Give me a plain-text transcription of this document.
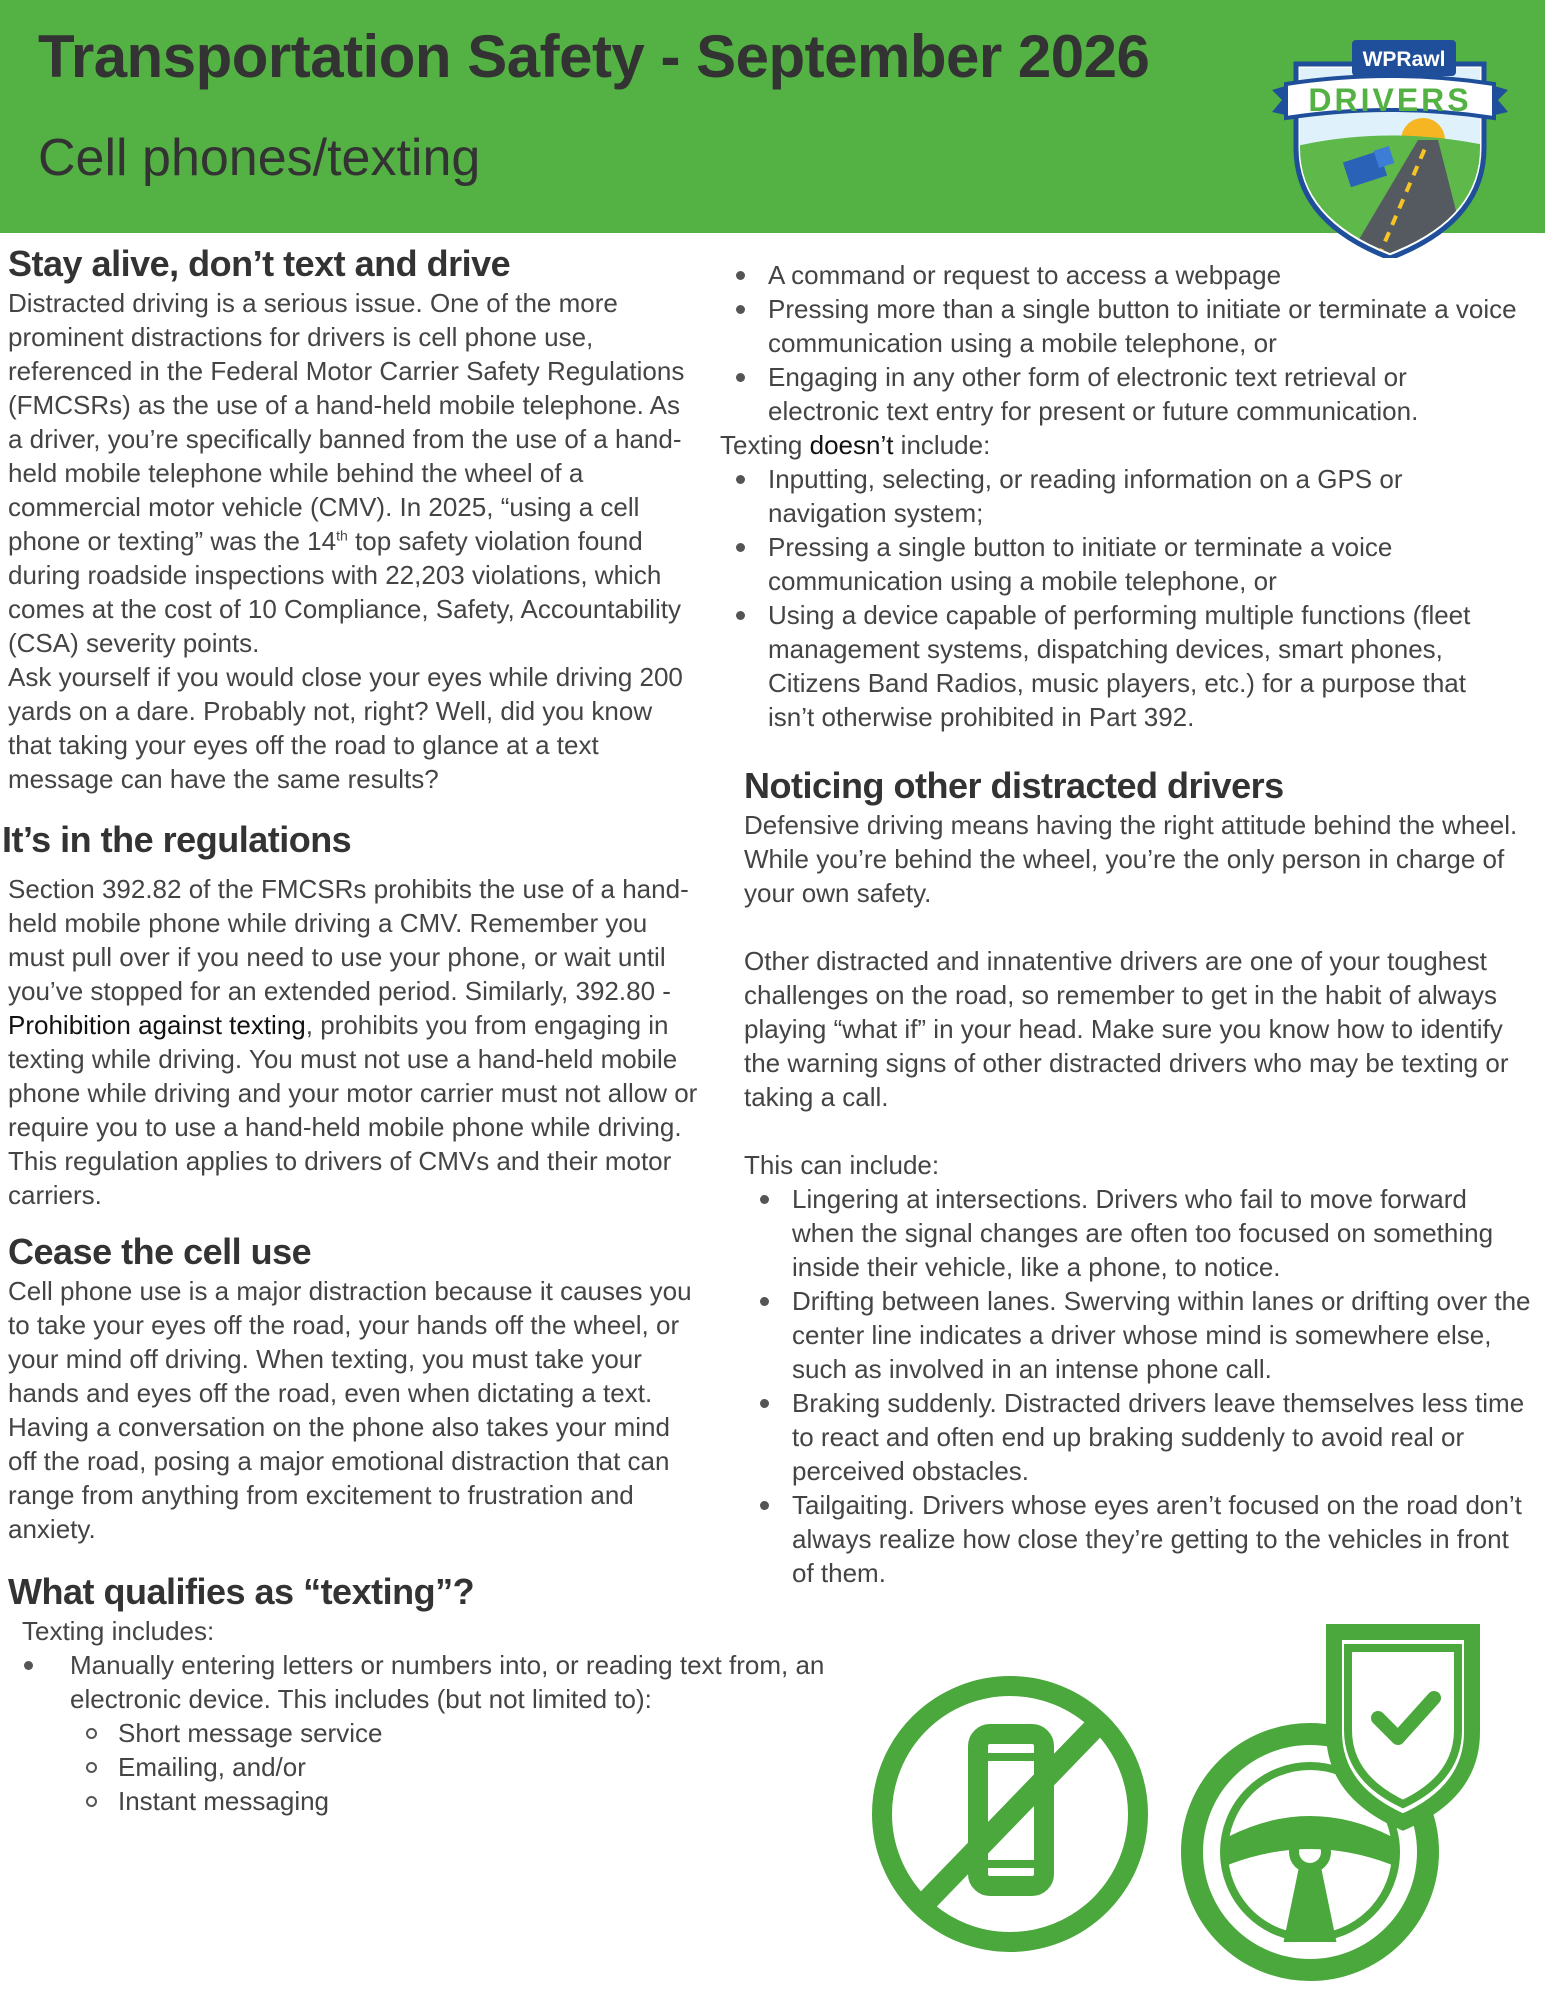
Transportation Safety - September 2026
Cell phones/texting
WPRawl
DRIVERS
Stay alive, don’t text and drive

Distracted driving is a serious issue. One of the more prominent distractions for drivers is cell phone use, referenced in the Federal Motor Carrier Safety Regulations (FMCSRs) as the use of a hand-held mobile telephone. As a driver, you’re specifically banned from the use of a hand-held mobile telephone while behind the wheel of a commercial motor vehicle (CMV). In 2025, “using a cell phone or texting” was the 14th top safety violation found during roadside inspections with 22,203 violations, which comes at the cost of 10 Compliance, Safety, Accountability (CSA) severity points.

Ask yourself if you would close your eyes while driving 200 yards on a dare. Probably not, right? Well, did you know that taking your eyes off the road to glance at a text message can have the same results?

It’s in the regulations

Section 392.82 of the FMCSRs prohibits the use of a hand-held mobile phone while driving a CMV. Remember you must pull over if you need to use your phone, or wait until you’ve stopped for an extended period. Similarly, 392.80 - Prohibition against texting, prohibits you from engaging in texting while driving. You must not use a hand-held mobile phone while driving and your motor carrier must not allow or require you to use a hand-held mobile phone while driving. This regulation applies to drivers of CMVs and their motor carriers.

Cease the cell use

Cell phone use is a major distraction because it causes you to take your eyes off the road, your hands off the wheel, or your mind off driving. When texting, you must take your hands and eyes off the road, even when dictating a text. Having a conversation on the phone also takes your mind off the road, posing a major emotional distraction that can range from anything from excitement to frustration and anxiety.

What qualifies as “texting”?

Texting includes:

Manually entering letters or numbers into, or reading text from, an electronic device. This includes (but not limited to):
Short message service
Emailing, and/or
Instant messaging
A command or request to access a webpage
Pressing more than a single button to initiate or terminate a voice communication using a mobile telephone, or
Engaging in any other form of electronic text retrieval or electronic text entry for present or future communication.

Texting doesn’t include:

Inputting, selecting, or reading information on a GPS or navigation system;
Pressing a single button to initiate or terminate a voice communication using a mobile telephone, or
Using a device capable of performing multiple functions (fleet management systems, dispatching devices, smart phones, Citizens Band Radios, music players, etc.) for a purpose that isn’t otherwise prohibited in Part 392.
Noticing other distracted drivers

Defensive driving means having the right attitude behind the wheel. While you’re behind the wheel, you’re the only person in charge of your own safety.

Other distracted and innatentive drivers are one of your toughest challenges on the road, so remember to get in the habit of always playing “what if” in your head. Make sure you know how to identify the warning signs of other distracted drivers who may be texting or taking a call.

This can include:

Lingering at intersections. Drivers who fail to move forward when the signal changes are often too focused on something inside their vehicle, like a phone, to notice.
Drifting between lanes. Swerving within lanes or drifting over the center line indicates a driver whose mind is somewhere else, such as involved in an intense phone call.
Braking suddenly. Distracted drivers leave themselves less time to react and often end up braking suddenly to avoid real or perceived obstacles.
Tailgaiting. Drivers whose eyes aren’t focused on the road don’t always realize how close they’re getting to the vehicles in front of them.
